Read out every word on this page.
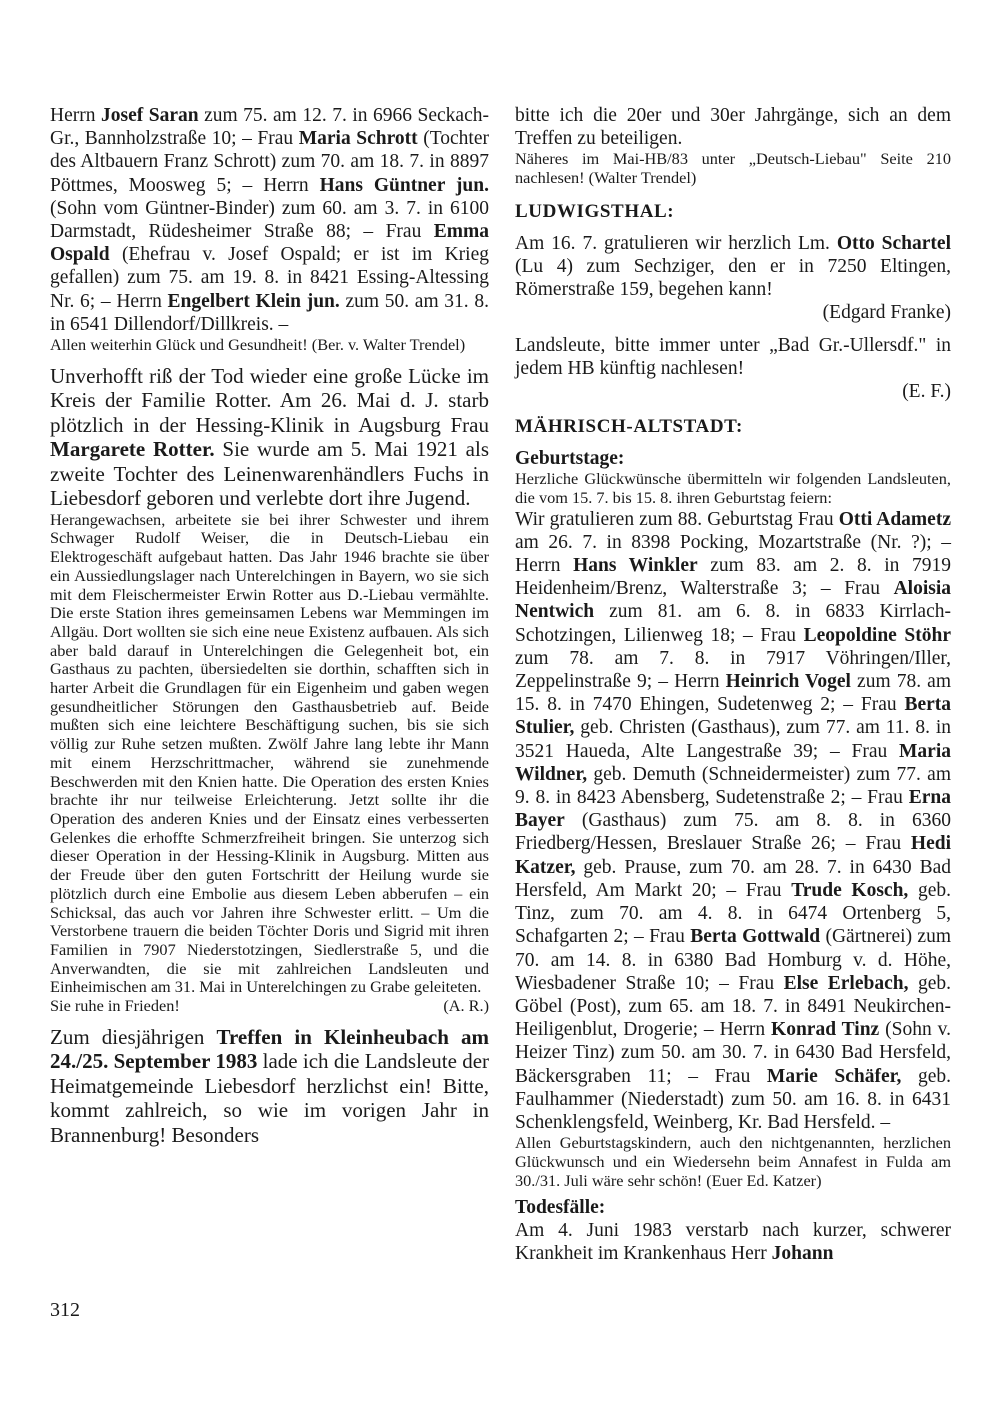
Herrn Josef Saran zum 75. am 12. 7. in 6966 Seckach-Gr., Bannholzstraße 10; – Frau Maria Schrott (Tochter des Altbauern Franz Schrott) zum 70. am 18. 7. in 8897 Pöttmes, Moosweg 5; – Herrn Hans Güntner jun. (Sohn vom Güntner-Binder) zum 60. am 3. 7. in 6100 Darmstadt, Rüdesheimer Straße 88; – Frau Emma Ospald (Ehefrau v. Josef Ospald; er ist im Krieg gefallen) zum 75. am 19. 8. in 8421 Essing-Altessing Nr. 6; – Herrn Engelbert Klein jun. zum 50. am 31. 8. in 6541 Dillendorf/Dillkreis. –

Allen weiterhin Glück und Gesundheit! (Ber. v. Walter Trendel)

Unverhofft riß der Tod wieder eine große Lücke im Kreis der Familie Rotter. Am 26. Mai d. J. starb plötzlich in der Hessing-Klinik in Augsburg Frau Margarete Rotter. Sie wurde am 5. Mai 1921 als zweite Tochter des Leinenwarenhändlers Fuchs in Liebesdorf geboren und verlebte dort ihre Jugend.

Herangewachsen, arbeitete sie bei ihrer Schwester und ihrem Schwager Rudolf Weiser, die in Deutsch-Liebau ein Elektrogeschäft aufgebaut hatten. Das Jahr 1946 brachte sie über ein Aussiedlungslager nach Unterelchingen in Bayern, wo sie sich mit dem Fleischermeister Erwin Rotter aus D.-Liebau vermählte. Die erste Station ihres gemeinsamen Lebens war Memmingen im Allgäu. Dort wollten sie sich eine neue Existenz aufbauen. Als sich aber bald darauf in Unterelchingen die Gelegenheit bot, ein Gasthaus zu pachten, übersiedelten sie dorthin, schafften sich in harter Arbeit die Grundlagen für ein Eigenheim und gaben wegen gesundheitlicher Störungen den Gasthausbetrieb auf. Beide mußten sich eine leichtere Beschäftigung suchen, bis sie sich völlig zur Ruhe setzen mußten. Zwölf Jahre lang lebte ihr Mann mit einem Herzschrittmacher, während sie zunehmende Beschwerden mit den Knien hatte. Die Operation des ersten Knies brachte ihr nur teilweise Erleichterung. Jetzt sollte ihr die Operation des anderen Knies und der Einsatz eines verbesserten Gelenkes die erhoffte Schmerzfreiheit bringen. Sie unterzog sich dieser Operation in der Hessing-Klinik in Augsburg. Mitten aus der Freude über den guten Fortschritt der Heilung wurde sie plötzlich durch eine Embolie aus diesem Leben abberufen – ein Schicksal, das auch vor Jahren ihre Schwester erlitt. – Um die Verstorbene trauern die beiden Töchter Doris und Sigrid mit ihren Familien in 7907 Niederstotzingen, Siedlerstraße 5, und die Anverwandten, die sie mit zahlreichen Landsleuten und Einheimischen am 31. Mai in Unterelchingen zu Grabe geleiteten.

Sie ruhe in Frieden!	(A. R.)

Zum diesjährigen Treffen in Kleinheubach am 24./25. September 1983 lade ich die Landsleute der Heimatgemeinde Liebesdorf herzlichst ein! Bitte, kommt zahlreich, so wie im vorigen Jahr in Brannenburg! Besonders

bitte ich die 20er und 30er Jahrgänge, sich an dem Treffen zu beteiligen.

Näheres im Mai-HB/83 unter „Deutsch-Liebau" Seite 210 nachlesen! (Walter Trendel)

LUDWIGSTHAL:

Am 16. 7. gratulieren wir herzlich Lm. Otto Schartel (Lu 4) zum Sechziger, den er in 7250 Eltingen, Römerstraße 159, begehen kann!

(Edgard Franke)

Landsleute, bitte immer unter „Bad Gr.-Ullersdf." in jedem HB künftig nachlesen!

(E. F.)

MÄHRISCH-ALTSTADT:
Geburtstage:

Herzliche Glückwünsche übermitteln wir folgenden Landsleuten, die vom 15. 7. bis 15. 8. ihren Geburtstag feiern:

Wir gratulieren zum 88. Geburtstag Frau Otti Adametz am 26. 7. in 8398 Pocking, Mozartstraße (Nr. ?); – Herrn Hans Winkler zum 83. am 2. 8. in 7919 Heidenheim/Brenz, Walterstraße 3; – Frau Aloisia Nentwich zum 81. am 6. 8. in 6833 Kirrlach-Schotzingen, Lilienweg 18; – Frau Leopoldine Stöhr zum 78. am 7. 8. in 7917 Vöhringen/Iller, Zeppelinstraße 9; – Herrn Heinrich Vogel zum 78. am 15. 8. in 7470 Ehingen, Sudetenweg 2; – Frau Berta Stulier, geb. Christen (Gasthaus), zum 77. am 11. 8. in 3521 Haueda, Alte Langestraße 39; – Frau Maria Wildner, geb. Demuth (Schneidermeister) zum 77. am 9. 8. in 8423 Abensberg, Sudetenstraße 2; – Frau Erna Bayer (Gasthaus) zum 75. am 8. 8. in 6360 Friedberg/Hessen, Breslauer Straße 26; – Frau Hedi Katzer, geb. Prause, zum 70. am 28. 7. in 6430 Bad Hersfeld, Am Markt 20; – Frau Trude Kosch, geb. Tinz, zum 70. am 4. 8. in 6474 Ortenberg 5, Schafgarten 2; – Frau Berta Gottwald (Gärtnerei) zum 70. am 14. 8. in 6380 Bad Homburg v. d. Höhe, Wiesbadener Straße 10; – Frau Else Erlebach, geb. Göbel (Post), zum 65. am 18. 7. in 8491 Neukirchen-Heiligenblut, Drogerie; – Herrn Konrad Tinz (Sohn v. Heizer Tinz) zum 50. am 30. 7. in 6430 Bad Hersfeld, Bäckersgraben 11; – Frau Marie Schäfer, geb. Faulhammer (Niederstadt) zum 50. am 16. 8. in 6431 Schenklengsfeld, Weinberg, Kr. Bad Hersfeld. –

Allen Geburtstagskindern, auch den nichtgenannten, herzlichen Glückwunsch und ein Wiedersehn beim Annafest in Fulda am 30./31. Juli wäre sehr schön! (Euer Ed. Katzer)

Todesfälle:

Am 4. Juni 1983 verstarb nach kurzer, schwerer Krankheit im Krankenhaus Herr Johann

312
